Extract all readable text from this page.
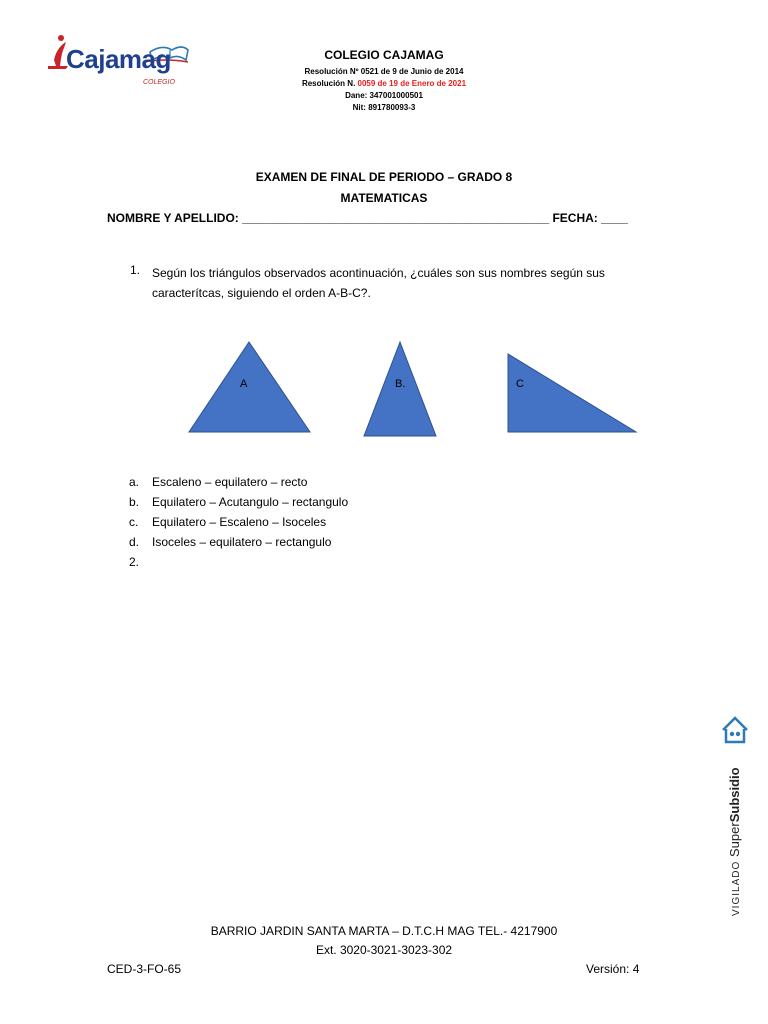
Cajamag
COLEGIO
COLEGIO CAJAMAG
Resolución Nº 0521 de 9 de Junio de 2014
Resolución N. 0059 de 19 de Enero de 2021
Dane: 347001000501
Nit: 891780093-3
EXAMEN DE FINAL DE PERIODO – GRADO 8
MATEMATICAS
NOMBRE Y APELLIDO: ______________________________________________ FECHA: ____
1. Según los triángulos observados acontinuación, ¿cuáles son sus nombres según sus caracterítcas, siguiendo el orden A-B-C?.
A	B.	C
a. Escaleno – equilatero – recto
b. Equilatero – Acutangulo – rectangulo
c. Equilatero – Escaleno – Isoceles
d. Isoceles – equilatero – rectangulo
2.
VIGILADO SuperSubsidio
BARRIO JARDIN SANTA MARTA – D.T.C.H MAG TEL.- 4217900
Ext. 3020-3021-3023-302
CED-3-FO-65	Versión: 4
